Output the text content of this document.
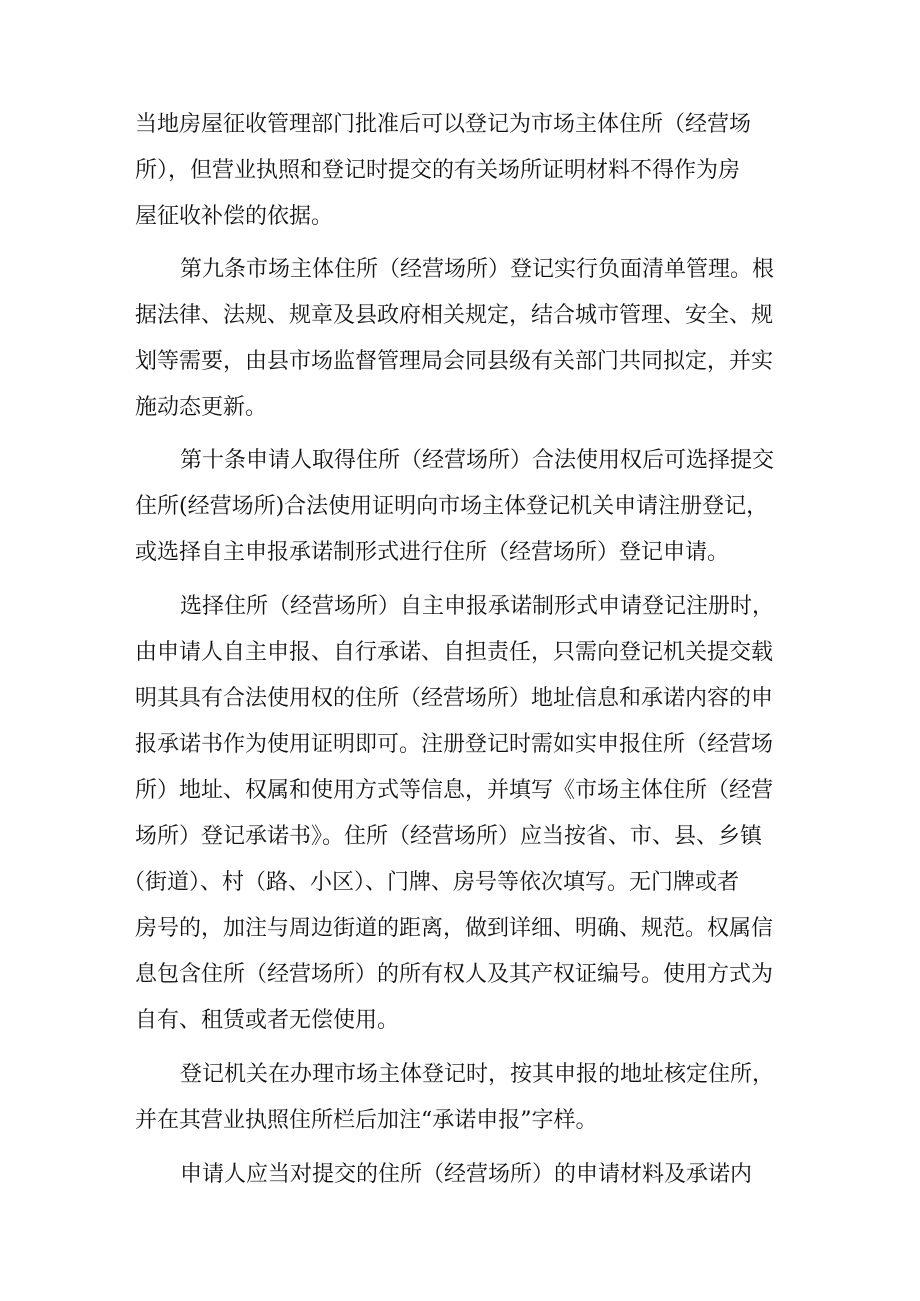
当地房屋征收管理部门批准后可以登记为市场主体住所（经营场
所），但营业执照和登记时提交的有关场所证明材料不得作为房
屋征收补偿的依据。
第九条市场主体住所（经营场所）登记实行负面清单管理。根
据法律、法规、规章及县政府相关规定，结合城市管理、安全、规
划等需要，由县市场监督管理局会同县级有关部门共同拟定，并实
施动态更新。
第十条申请人取得住所（经营场所）合法使用权后可选择提交
住所(经营场所)合法使用证明向市场主体登记机关申请注册登记，
或选择自主申报承诺制形式进行住所（经营场所）登记申请。
选择住所（经营场所）自主申报承诺制形式申请登记注册时，
由申请人自主申报、自行承诺、自担责任，只需向登记机关提交载
明其具有合法使用权的住所（经营场所）地址信息和承诺内容的申
报承诺书作为使用证明即可。注册登记时需如实申报住所（经营场
所）地址、权属和使用方式等信息，并填写《市场主体住所（经营
场所）登记承诺书》。住所（经营场所）应当按省、市、县、乡镇
（街道）、村（路、小区）、门牌、房号等依次填写。无门牌或者
房号的，加注与周边街道的距离，做到详细、明确、规范。权属信
息包含住所（经营场所）的所有权人及其产权证编号。使用方式为
自有、租赁或者无偿使用。
登记机关在办理市场主体登记时，按其申报的地址核定住所，
并在其营业执照住所栏后加注“承诺申报”字样。
申请人应当对提交的住所（经营场所）的申请材料及承诺内
